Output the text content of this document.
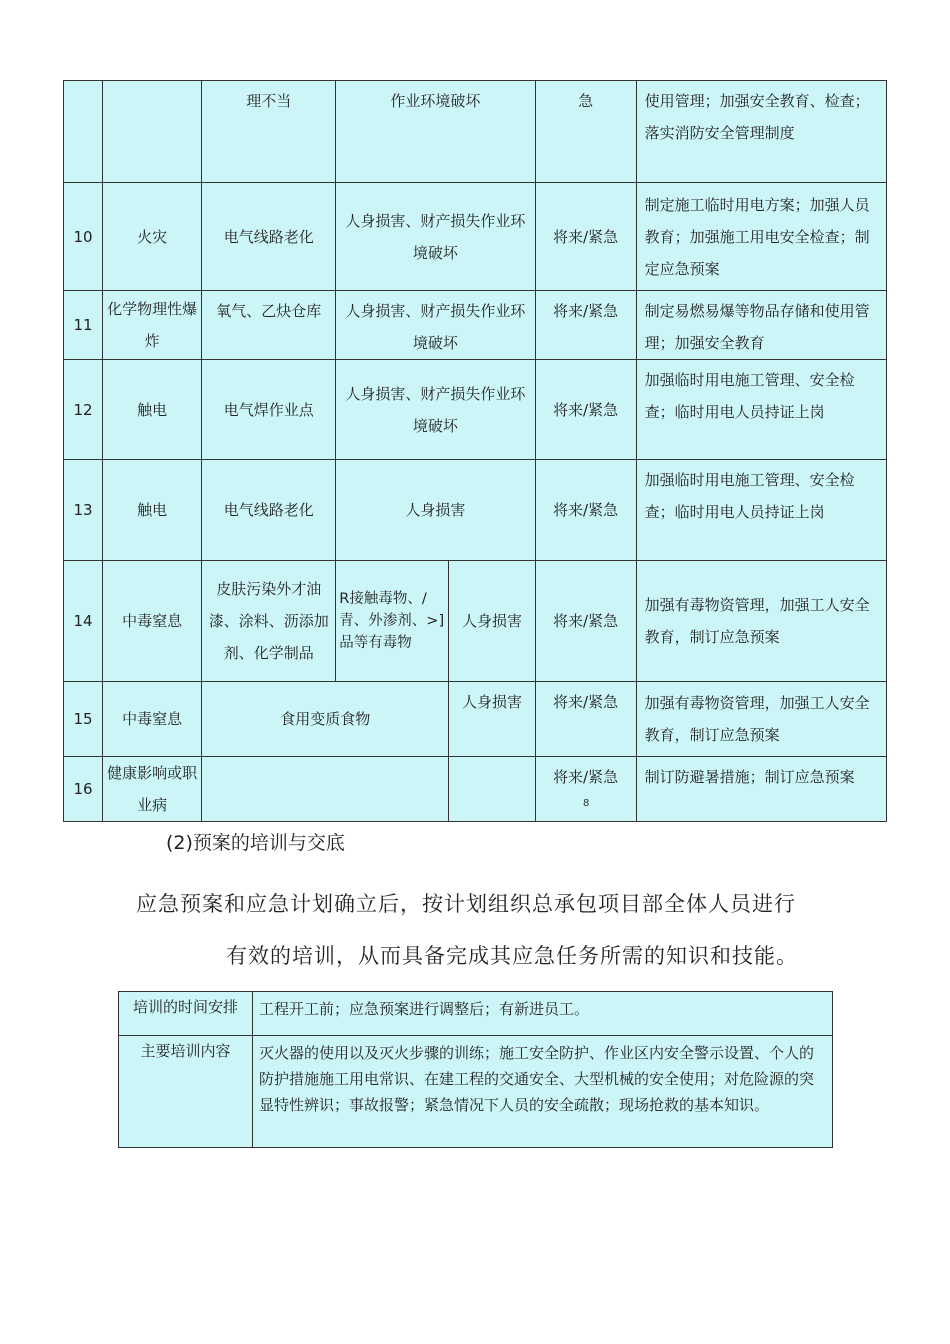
		理不当	作业环境破坏		急	使用管理；加强安全教育、检查；落实消防安全管理制度
10	火灾	电气线路老化	人身损害、财产损失作业环境破坏		将来/紧急	制定施工临时用电方案；加强人员教育；加强施工用电安全检查；制定应急预案
11	化学物理性爆炸	氧气、乙炔仓库	人身损害、财产损失作业环境破坏		将来/紧急	制定易燃易爆等物品存储和使用管理；加强安全教育
12	触电	电气焊作业点	人身损害、财产损失作业环境破坏		将来/紧急	加强临时用电施工管理、安全检查；临时用电人员持证上岗
13	触电	电气线路老化	人身损害		将来/紧急	加强临时用电施工管理、安全检查；临时用电人员持证上岗
14	中毒窒息	皮肤污染外才油漆、涂料、沥添加剂、化学制品	R接触毒物、/青、外渗剂、>]品等有毒物	人身损害	将来/紧急	加强有毒物资管理，加强工人安全教育，制订应急预案
15	中毒窒息	食用变质食物		人身损害	将来/紧急	加强有毒物资管理，加强工人安全教育，制订应急预案
16	健康影响或职业病				将来/紧急	制订防避暑措施；制订应急预案
8
(2)预案的培训与交底
应急预案和应急计划确立后，按计划组织总承包项目部全体人员进行
有效的培训，从而具备完成其应急任务所需的知识和技能。
培训的时间安排	工程开工前；应急预案进行调整后；有新进员工。
主要培训内容	灭火器的使用以及灭火步骤的训练；施工安全防护、作业区内安全警示设置、个人的防护措施施工用电常识、在建工程的交通安全、大型机械的安全使用；对危险源的突显特性辨识；事故报警；紧急情况下人员的安全疏散；现场抢救的基本知识。
